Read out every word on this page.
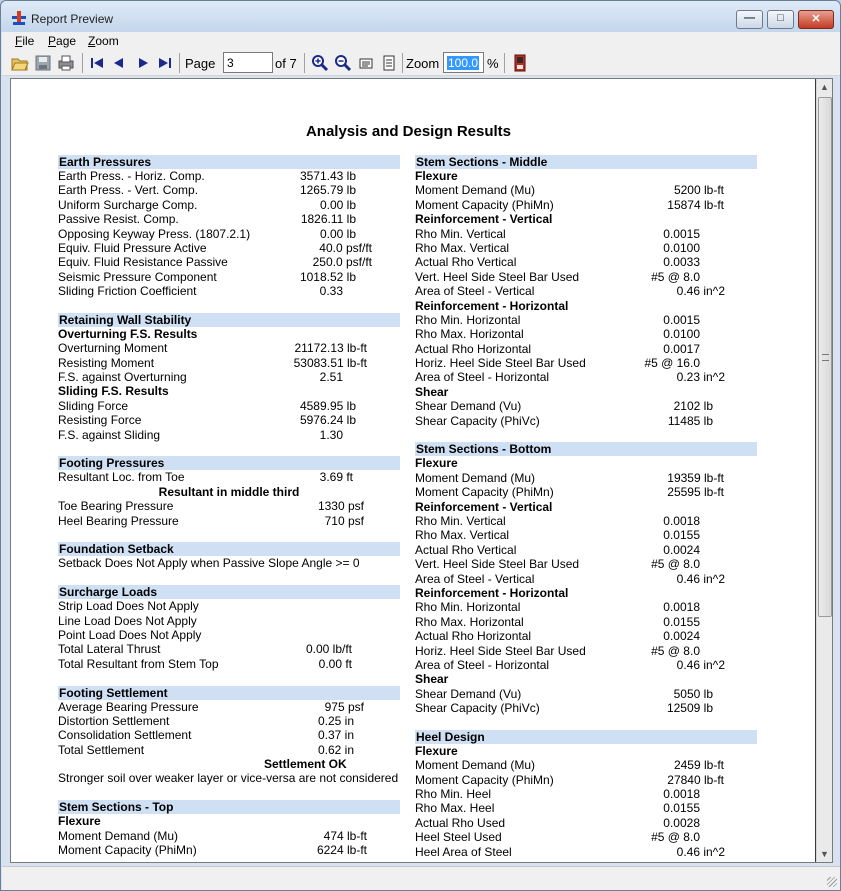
Report Preview	—	□	✕
File Page Zoom
Page 3	of 7	Zoom 100.0 %
Analysis and Design Results
Earth Pressures
Earth Press. - Horiz. Comp.	3571.43 lb
Earth Press. - Vert. Comp.	1265.79 lb
Uniform Surcharge Comp.	0.00 lb
Passive Resist. Comp.	1826.11 lb
Opposing Keyway Press. (1807.2.1)	0.00 lb
Equiv. Fluid Pressure Active	40.0 psf/ft
Equiv. Fluid Resistance Passive	250.0 psf/ft
Seismic Pressure Component	1018.52 lb
Sliding Friction Coefficient	0.33
Retaining Wall Stability
Overturning F.S. Results
Overturning Moment	21172.13 lb-ft
Resisting Moment	53083.51 lb-ft
F.S. against Overturning	2.51
Sliding F.S. Results
Sliding Force	4589.95 lb
Resisting Force	5976.24 lb
F.S. against Sliding	1.30
Footing Pressures
Resultant Loc. from Toe	3.69 ft
Resultant in middle third
Toe Bearing Pressure	1330 psf
Heel Bearing Pressure	710 psf
Foundation Setback
Setback Does Not Apply when Passive Slope Angle >= 0
Surcharge Loads
Strip Load Does Not Apply
Line Load Does Not Apply
Point Load Does Not Apply
Total Lateral Thrust	0.00 lb/ft
Total Resultant from Stem Top	0.00 ft
Footing Settlement
Average Bearing Pressure	975 psf
Distortion Settlement	0.25 in
Consolidation Settlement	0.37 in
Total Settlement	0.62 in
Settlement OK
Stronger soil over weaker layer or vice-versa are not considered
Stem Sections - Top
Flexure
Moment Demand (Mu)	474 lb-ft
Moment Capacity (PhiMn)	6224 lb-ft
Stem Sections - Middle
Flexure
Moment Demand (Mu)	5200 lb-ft
Moment Capacity (PhiMn)	15874 lb-ft
Reinforcement - Vertical
Rho Min. Vertical	0.0015
Rho Max. Vertical	0.0100
Actual Rho Vertical	0.0033
Vert. Heel Side Steel Bar Used	#5 @ 8.0
Area of Steel - Vertical	0.46 in^2
Reinforcement - Horizontal
Rho Min. Horizontal	0.0015
Rho Max. Horizontal	0.0100
Actual Rho Horizontal	0.0017
Horiz. Heel Side Steel Bar Used	#5 @ 16.0
Area of Steel - Horizontal	0.23 in^2
Shear
Shear Demand (Vu)	2102 lb
Shear Capacity (PhiVc)	11485 lb
Stem Sections - Bottom
Flexure
Moment Demand (Mu)	19359 lb-ft
Moment Capacity (PhiMn)	25595 lb-ft
Reinforcement - Vertical
Rho Min. Vertical	0.0018
Rho Max. Vertical	0.0155
Actual Rho Vertical	0.0024
Vert. Heel Side Steel Bar Used	#5 @ 8.0
Area of Steel - Vertical	0.46 in^2
Reinforcement - Horizontal
Rho Min. Horizontal	0.0018
Rho Max. Horizontal	0.0155
Actual Rho Horizontal	0.0024
Horiz. Heel Side Steel Bar Used	#5 @ 8.0
Area of Steel - Horizontal	0.46 in^2
Shear
Shear Demand (Vu)	5050 lb
Shear Capacity (PhiVc)	12509 lb
Heel Design
Flexure
Moment Demand (Mu)	2459 lb-ft
Moment Capacity (PhiMn)	27840 lb-ft
Rho Min. Heel	0.0018
Rho Max. Heel	0.0155
Actual Rho Used	0.0028
Heel Steel Used	#5 @ 8.0
Heel Area of Steel	0.46 in^2
▲
▼
